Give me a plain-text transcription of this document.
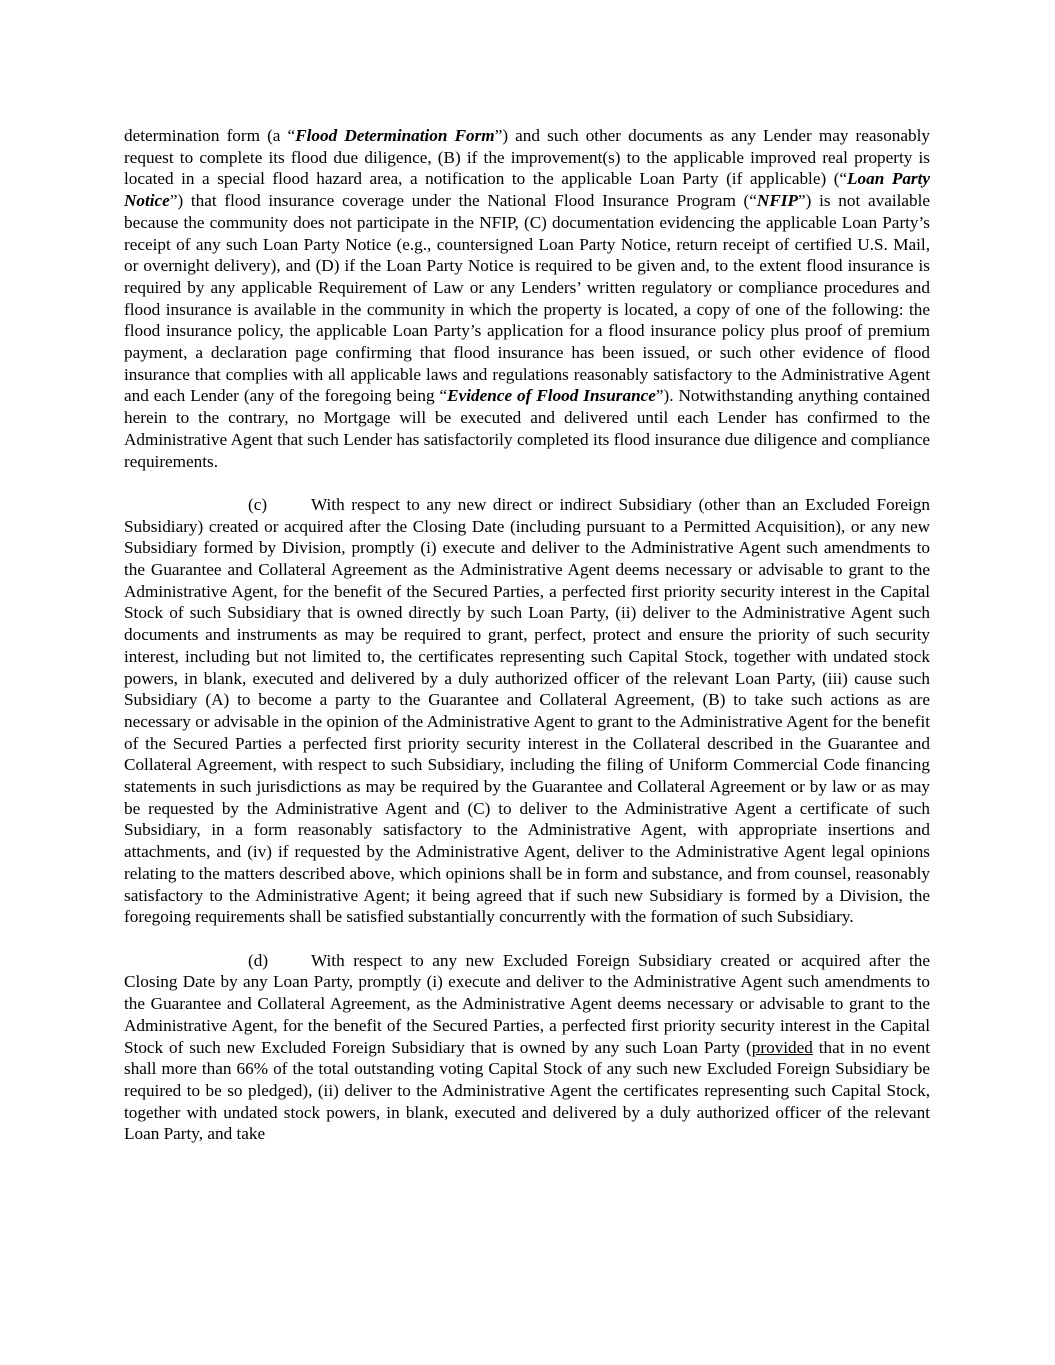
determination form (a “Flood Determination Form”) and such other documents as any Lender may reasonably request to complete its flood due diligence, (B) if the improvement(s) to the applicable improved real property is located in a special flood hazard area, a notification to the applicable Loan Party (if applicable) (“Loan Party Notice”) that flood insurance coverage under the National Flood Insurance Program (“NFIP”) is not available because the community does not participate in the NFIP, (C) documentation evidencing the applicable Loan Party’s receipt of any such Loan Party Notice (e.g., countersigned Loan Party Notice, return receipt of certified U.S. Mail, or overnight delivery), and (D) if the Loan Party Notice is required to be given and, to the extent flood insurance is required by any applicable Requirement of Law or any Lenders’ written regulatory or compliance procedures and flood insurance is available in the community in which the property is located, a copy of one of the following: the flood insurance policy, the applicable Loan Party’s application for a flood insurance policy plus proof of premium payment, a declaration page confirming that flood insurance has been issued, or such other evidence of flood insurance that complies with all applicable laws and regulations reasonably satisfactory to the Administrative Agent and each Lender (any of the foregoing being “Evidence of Flood Insurance”). Notwithstanding anything contained herein to the contrary, no Mortgage will be executed and delivered until each Lender has confirmed to the Administrative Agent that such Lender has satisfactorily completed its flood insurance due diligence and compliance requirements.

(c)	With respect to any new direct or indirect Subsidiary (other than an Excluded Foreign Subsidiary) created or acquired after the Closing Date (including pursuant to a Permitted Acquisition), or any new Subsidiary formed by Division, promptly (i) execute and deliver to the Administrative Agent such amendments to the Guarantee and Collateral Agreement as the Administrative Agent deems necessary or advisable to grant to the Administrative Agent, for the benefit of the Secured Parties, a perfected first priority security interest in the Capital Stock of such Subsidiary that is owned directly by such Loan Party, (ii) deliver to the Administrative Agent such documents and instruments as may be required to grant, perfect, protect and ensure the priority of such security interest, including but not limited to, the certificates representing such Capital Stock, together with undated stock powers, in blank, executed and delivered by a duly authorized officer of the relevant Loan Party, (iii) cause such Subsidiary (A) to become a party to the Guarantee and Collateral Agreement, (B) to take such actions as are necessary or advisable in the opinion of the Administrative Agent to grant to the Administrative Agent for the benefit of the Secured Parties a perfected first priority security interest in the Collateral described in the Guarantee and Collateral Agreement, with respect to such Subsidiary, including the filing of Uniform Commercial Code financing statements in such jurisdictions as may be required by the Guarantee and Collateral Agreement or by law or as may be requested by the Administrative Agent and (C) to deliver to the Administrative Agent a certificate of such Subsidiary, in a form reasonably satisfactory to the Administrative Agent, with appropriate insertions and attachments, and (iv) if requested by the Administrative Agent, deliver to the Administrative Agent legal opinions relating to the matters described above, which opinions shall be in form and substance, and from counsel, reasonably satisfactory to the Administrative Agent; it being agreed that if such new Subsidiary is formed by a Division, the foregoing requirements shall be satisfied substantially concurrently with the formation of such Subsidiary.

(d) With respect to any new Excluded Foreign Subsidiary created or acquired after the Closing Date by any Loan Party, promptly (i) execute and deliver to the Administrative Agent such amendments to the Guarantee and Collateral Agreement, as the Administrative Agent deems necessary or advisable to grant to the Administrative Agent, for the benefit of the Secured Parties, a perfected first priority security interest in the Capital Stock of such new Excluded Foreign Subsidiary that is owned by any such Loan Party (provided that in no event shall more than 66% of the total outstanding voting Capital Stock of any such new Excluded Foreign Subsidiary be required to be so pledged), (ii) deliver to the Administrative Agent the certificates representing such Capital Stock, together with undated stock powers, in blank, executed and delivered by a duly authorized officer of the relevant Loan Party, and take
